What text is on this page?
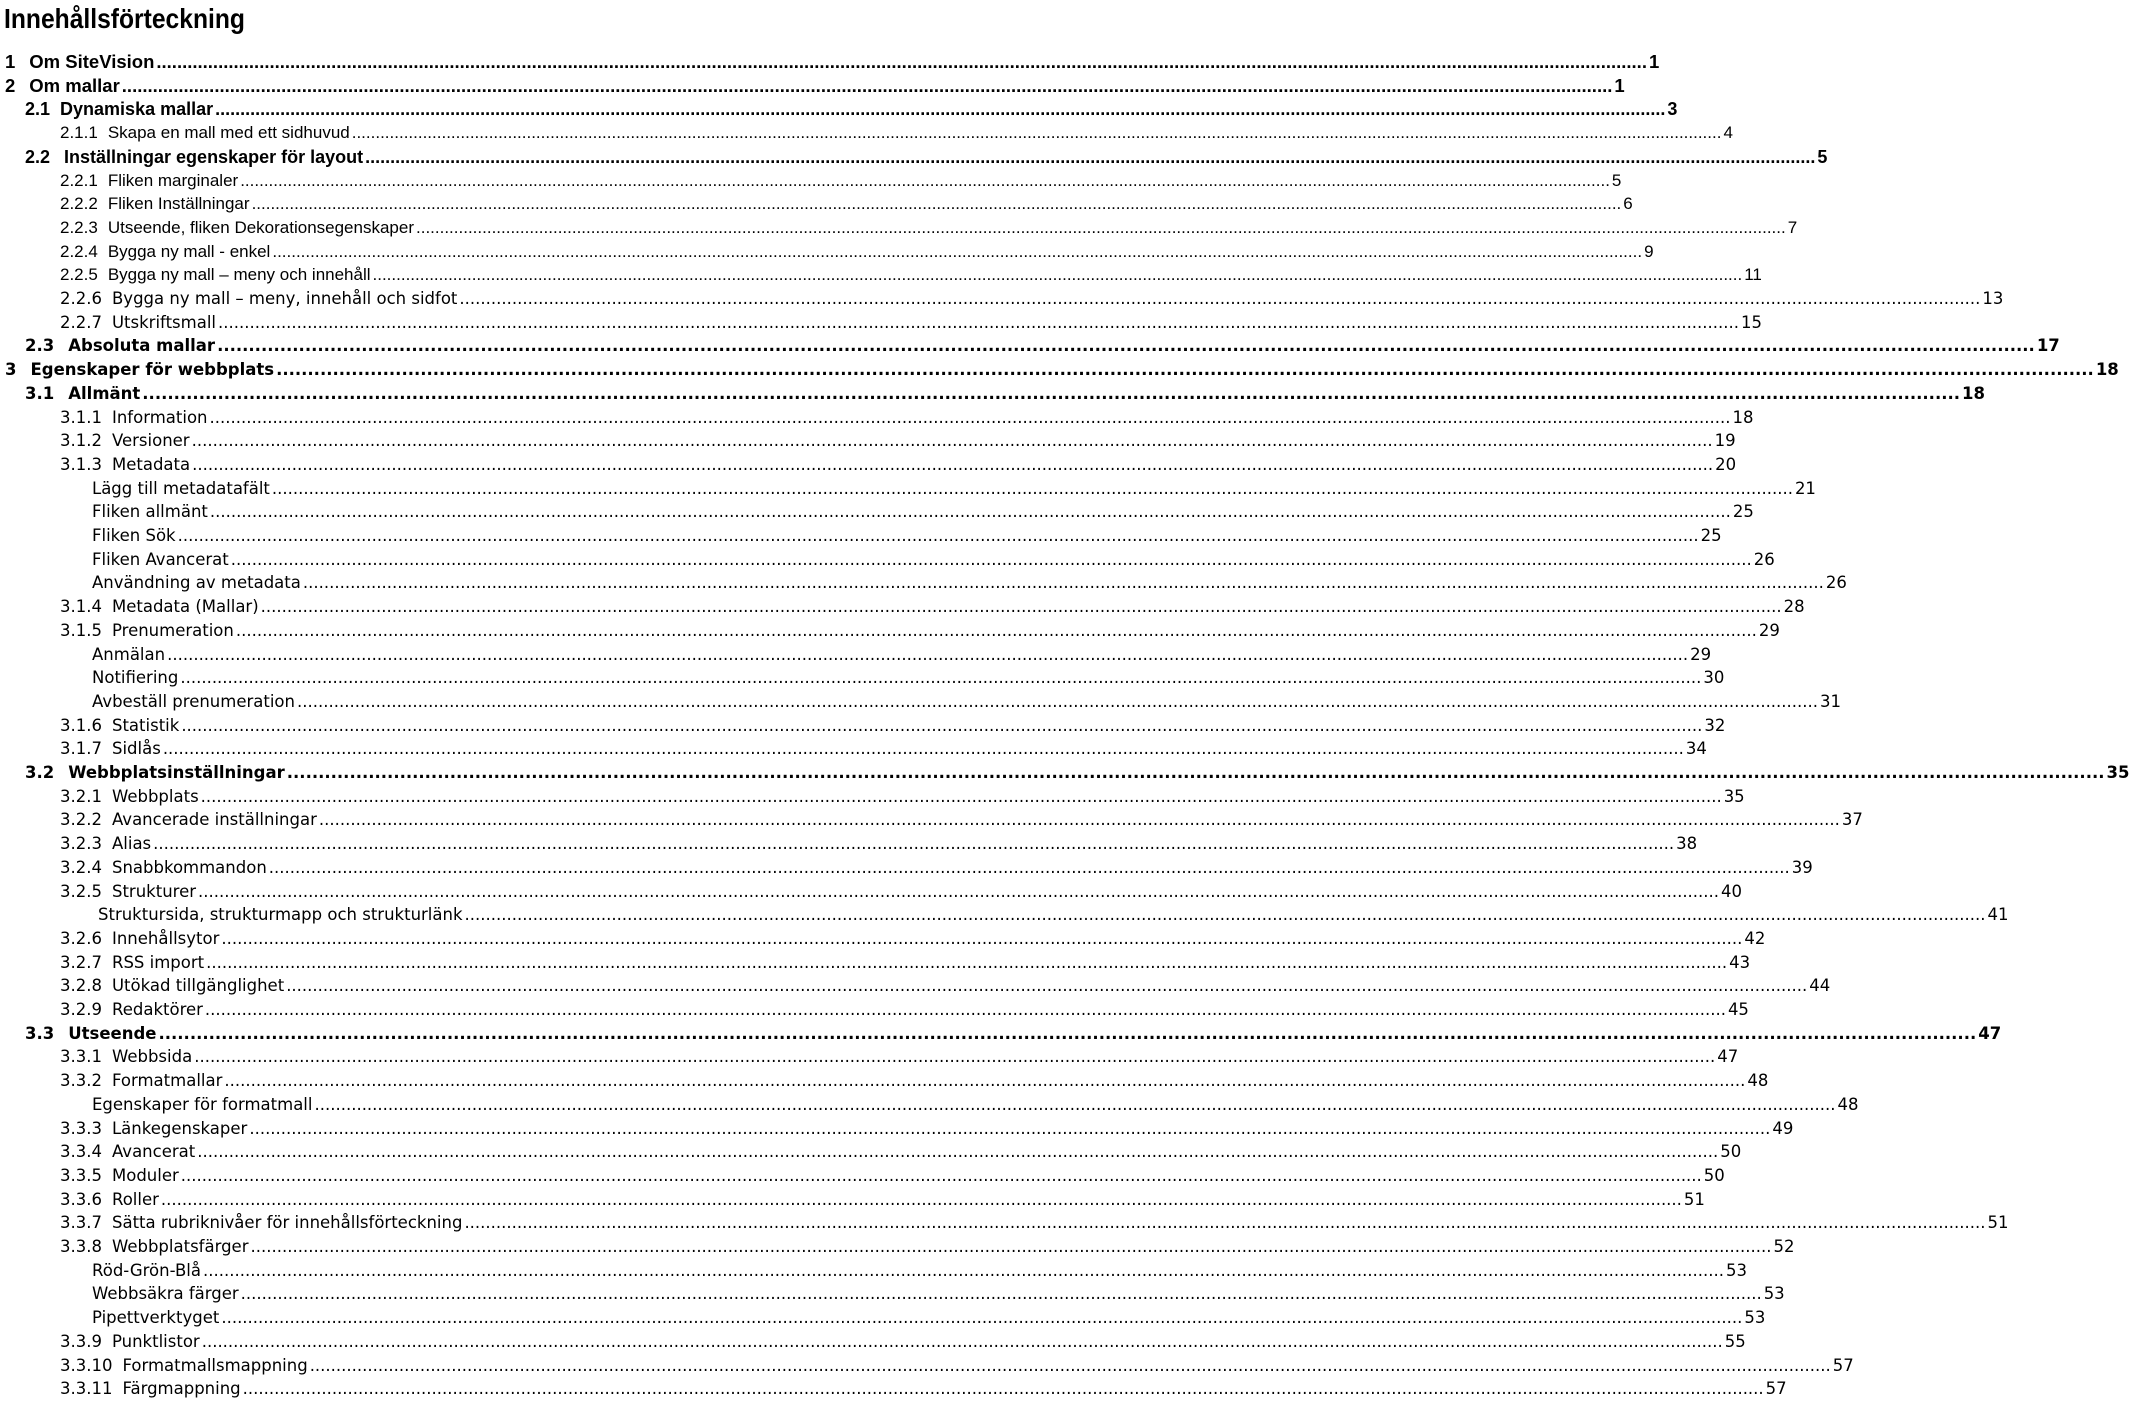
Innehållsförteckning
1 Om SiteVision .....	1
2 Om mallar .....	1
2.1 Dynamiska mallar .....	3
2.1.1 Skapa en mall med ett sidhuvud .....	4
2.2 Inställningar egenskaper för layout .....	5
2.2.1 Fliken marginaler .....	5
2.2.2 Fliken Inställningar .....	6
2.2.3 Utseende, fliken Dekorationsegenskaper .....	7
2.2.4 Bygga ny mall - enkel .....	9
2.2.5 Bygga ny mall – meny och innehåll .....	11
2.2.6 Bygga ny mall – meny, innehåll och sidfot .....	13
2.2.7 Utskriftsmall .....	15
2.3 Absoluta mallar .....	17
3 Egenskaper för webbplats .....	18
3.1 Allmänt .....	18
3.1.1 Information .....	18
3.1.2 Versioner .....	19
3.1.3 Metadata .....	20
Lägg till metadatafält .....	21
Fliken allmänt .....	25
Fliken Sök .....	25
Fliken Avancerat .....	26
Användning av metadata .....	26
3.1.4 Metadata (Mallar) .....	28
3.1.5 Prenumeration .....	29
Anmälan .....	29
Notifiering .....	30
Avbeställ prenumeration .....	31
3.1.6 Statistik .....	32
3.1.7 Sidlås .....	34
3.2 Webbplatsinställningar .....	35
3.2.1 Webbplats .....	35
3.2.2 Avancerade inställningar .....	37
3.2.3 Alias .....	38
3.2.4 Snabbkommandon .....	39
3.2.5 Strukturer .....	40
Struktursida, strukturmapp och strukturlänk .....	41
3.2.6 Innehållsytor .....	42
3.2.7 RSS import .....	43
3.2.8 Utökad tillgänglighet .....	44
3.2.9 Redaktörer .....	45
3.3 Utseende .....	47
3.3.1 Webbsida .....	47
3.3.2 Formatmallar .....	48
Egenskaper för formatmall .....	48
3.3.3 Länkegenskaper .....	49
3.3.4 Avancerat .....	50
3.3.5 Moduler .....	50
3.3.6 Roller .....	51
3.3.7 Sätta rubriknivåer för innehållsförteckning .....	51
3.3.8 Webbplatsfärger .....	52
Röd-Grön-Blå .....	53
Webbsäkra färger .....	53
Pipettverktyget .....	53
3.3.9 Punktlistor .....	55
3.3.10 Formatmallsmappning .....	57
3.3.11 Färgmappning .....	57
